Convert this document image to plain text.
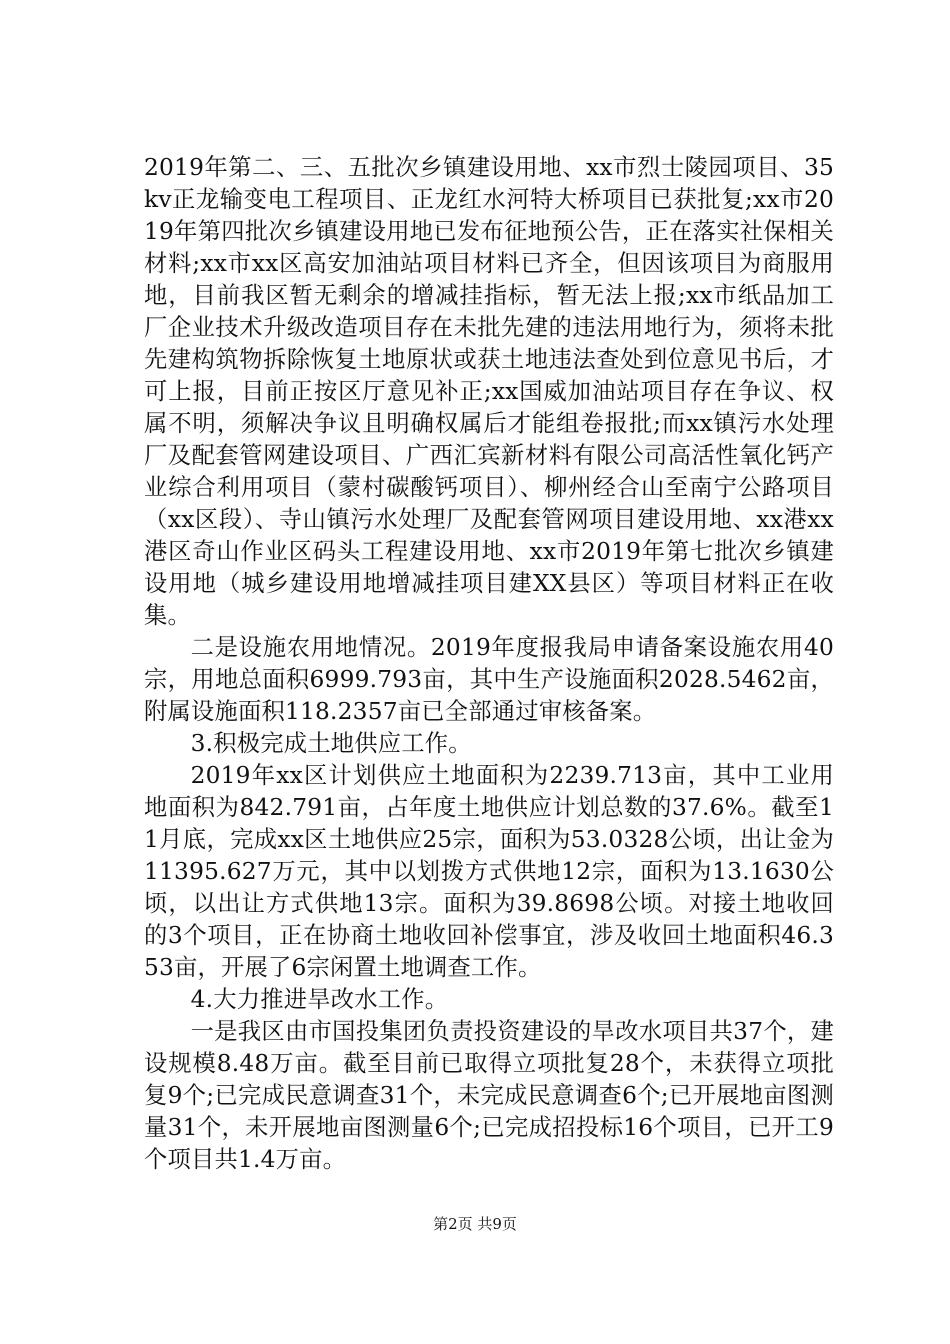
2019年第二、三、五批次乡镇建设用地、xx市烈士陵园项目、35kv正龙输变电工程项目、正龙红水河特大桥项目已获批复;xx市2019年第四批次乡镇建设用地已发布征地预公告，正在落实社保相关材料;xx市xx区高安加油站项目材料已齐全，但因该项目为商服用地，目前我区暂无剩余的增减挂指标，暂无法上报;xx市纸品加工厂企业技术升级改造项目存在未批先建的违法用地行为，须将未批先建构筑物拆除恢复土地原状或获土地违法查处到位意见书后，才可上报，目前正按区厅意见补正;xx国威加油站项目存在争议、权属不明，须解决争议且明确权属后才能组卷报批;而xx镇污水处理厂及配套管网建设项目、广西汇宾新材料有限公司高活性氧化钙产业综合利用项目（蒙村碳酸钙项目）、柳州经合山至南宁公路项目（xx区段）、寺山镇污水处理厂及配套管网项目建设用地、xx港xx港区奇山作业区码头工程建设用地、xx市2019年第七批次乡镇建设用地（城乡建设用地增减挂项目建XX县区）等项目材料正在收集。

二是设施农用地情况。2019年度报我局申请备案设施农用40宗，用地总面积6999.793亩，其中生产设施面积2028.5462亩，附属设施面积118.2357亩已全部通过审核备案。

3.积极完成土地供应工作。

2019年xx区计划供应土地面积为2239.713亩，其中工业用地面积为842.791亩，占年度土地供应计划总数的37.6%。截至11月底，完成xx区土地供应25宗，面积为53.0328公顷，出让金为11395.627万元，其中以划拨方式供地12宗，面积为13.1630公顷，以出让方式供地13宗。面积为39.8698公顷。对接土地收回的3个项目，正在协商土地收回补偿事宜，涉及收回土地面积46.353亩，开展了6宗闲置土地调查工作。

4.大力推进旱改水工作。

一是我区由市国投集团负责投资建设的旱改水项目共37个，建设规模8.48万亩。截至目前已取得立项批复28个，未获得立项批复9个;已完成民意调查31个，未完成民意调查6个;已开展地亩图测量31个，未开展地亩图测量6个;已完成招投标16个项目，已开工9个项目共1.4万亩。

第2页 共9页
